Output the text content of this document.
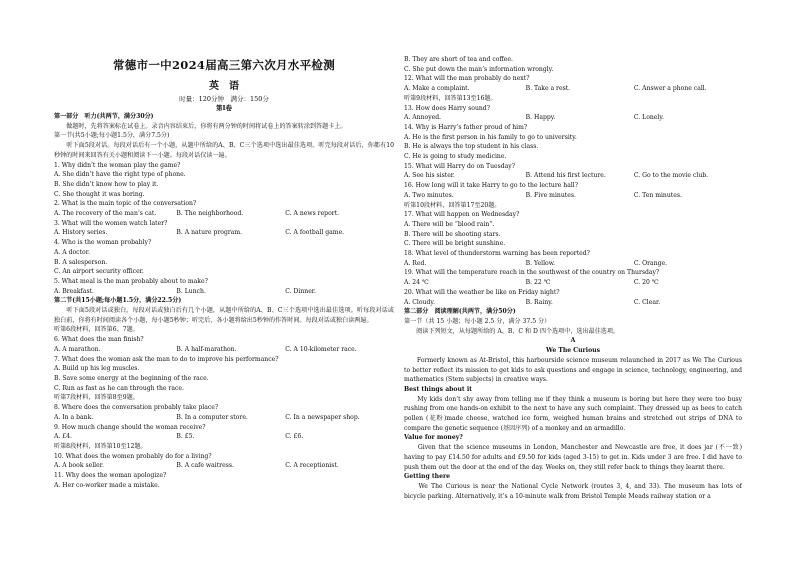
常德市一中2024届高三第六次月水平检测
英　语
时量：120分钟　满分：150分
第Ⅰ卷
第一部分　听力(共两节，满分30分)
　　做题时，先将答案标在试卷上。录音内容结束后，你将有两分钟的时间将试卷上的答案转涂到答题卡上。
第一节(共5小题;每小题1.5分，满分7.5分)
　　听下面5段对话。每段对话后有一个小题，从题中所给的A、B、C三个选项中选出最佳选项。听完每段对话后，你都有10秒钟的时间来回答有关小题和阅读下一小题。每段对话仅读一遍。
1. Why didn’t the woman play the game?
A. She didn’t have the right type of phone.
B. She didn’t know how to play it.
C. She thought it was boring.
2. What is the main topic of the conversation?
A. The recovery of the man’s cat.	B. The neighborhood.	C. A news report.
3. What will the women watch later?
A. History series.	B. A nature program.	C. A football game.
4. Who is the woman probably?
A. A doctor.
B. A salesperson.
C. An airport security officer.
5. What meal is the man probably about to make?
A. Breakfast.	B. Lunch.	C. Dinner.
第二节(共15小题;每小题1.5分，满分22.5分)
　　听下面5段对话或独白。每段对话或独白后有几个小题，从题中所给的A、B、C三个选项中选出最佳选项。听每段对话或独白前，你将有时间阅读各个小题，每小题5秒钟；听完后，各小题将给出5秒钟的作答时间。每段对话或独白读两遍。
听第6段材料，回答第6、7题。
6. What does the man finish?
A. A marathon.	B. A half-marathon.	C. A 10-kilometer race.
7. What does the woman ask the man to do to improve his performance?
A. Build up his leg muscles.
B. Save some energy at the beginning of the race.
C. Run as fast as he can through the race.
听第7段材料，回答第8至9题。
8. Where does the conversation probably take place?
A. In a bank.	B. In a computer store.	C. In a newspaper shop.
9. How much change should the woman receive?
A. £4.	B. £5.	C. £6.
听第8段材料，回答第10至12题。
10. What does the women probably do for a living?
A. A book seller.	B. A cafe waitress.	C. A receptionist.
11. Why does the woman apologize?
A. Her co-worker made a mistake.
B. They are short of tea and coffee.
C. She put down the man’s information wrongly.
12. What will the man probably do next?
A. Make a complaint.	B. Take a rest.	C. Answer a phone call.
听第9段材料，回答第13至16题。
13. How does Harry sound?
A. Annoyed.	B. Happy.	C. Lonely.
14. Why is Harry’s father proud of him?
A. He is the first person in his family to go to university.
B. He is always the top student in his class.
C. He is going to study medicine.
15. What will Harry do on Tuesday?
A. See his sister.	B. Attend his first lecture.	C. Go to the movie club.
16. How long will it take Harry to go to the lecture hall?
A. Two minutes.	B. Five minutes.	C. Ten minutes.
听第10段材料，回答第17至20题。
17. What will happen on Wednesday?
A. There will be “blood rain”.
B. There will be shooting stars.
C. There will be bright sunshine.
18. What level of thunderstorm warning has been reported?
A. Red.	B. Yellow.	C. Orange.
19. What will the temperature reach in the southwest of the country on Thursday?
A. 24 ℃	B. 22 ℃	C. 20 ℃
20. What will the weather be like on Friday night?
A. Cloudy.	B. Rainy.	C. Clear.
第二部分　阅读理解(共两节，满分50分)
第一节（共 15 小题；每小题 2.5 分，满分 37.5 分）
　　阅读下列短文，从每题所给的 A、B、C 和 D 四个选项中，选出最佳选项。
A
We The Curious
　　Formerly known as At-Bristol, this harbourside science museum relaunched in 2017 as We The Curious to better reflect its mission to get kids to ask questions and engage in science, technology, engineering, and mathematics (Stem subjects) in creative ways.
Best things about it
　　My kids don’t shy away from telling me if they think a museum is boring but here they were too busy rushing from one hands-on exhibit to the next to have any such complaint. They dressed up as bees to catch pollen (花粉)made cheese, watched ice form, weighed human brains and stretched out strips of DNA to compare the genetic sequence (基因序列) of a monkey and an armadillo.
Value for money?
　　Given that the science museums in London, Manchester and Newcastle are free, it does jar (不一致) having to pay £14.50 for adults and £9.50 for kids (aged 3-15) to get in. Kids under 3 are free. I did have to push them out the door at the end of the day. Weeks on, they still refer back to things they learnt there.
Getting there
　　We The Curious is near the National Cycle Network (routes 3, 4, and 33). The museum has lots of bicycle parking. Alternatively, it’s a 10-minute walk from Bristol Temple Meads railway station or a
